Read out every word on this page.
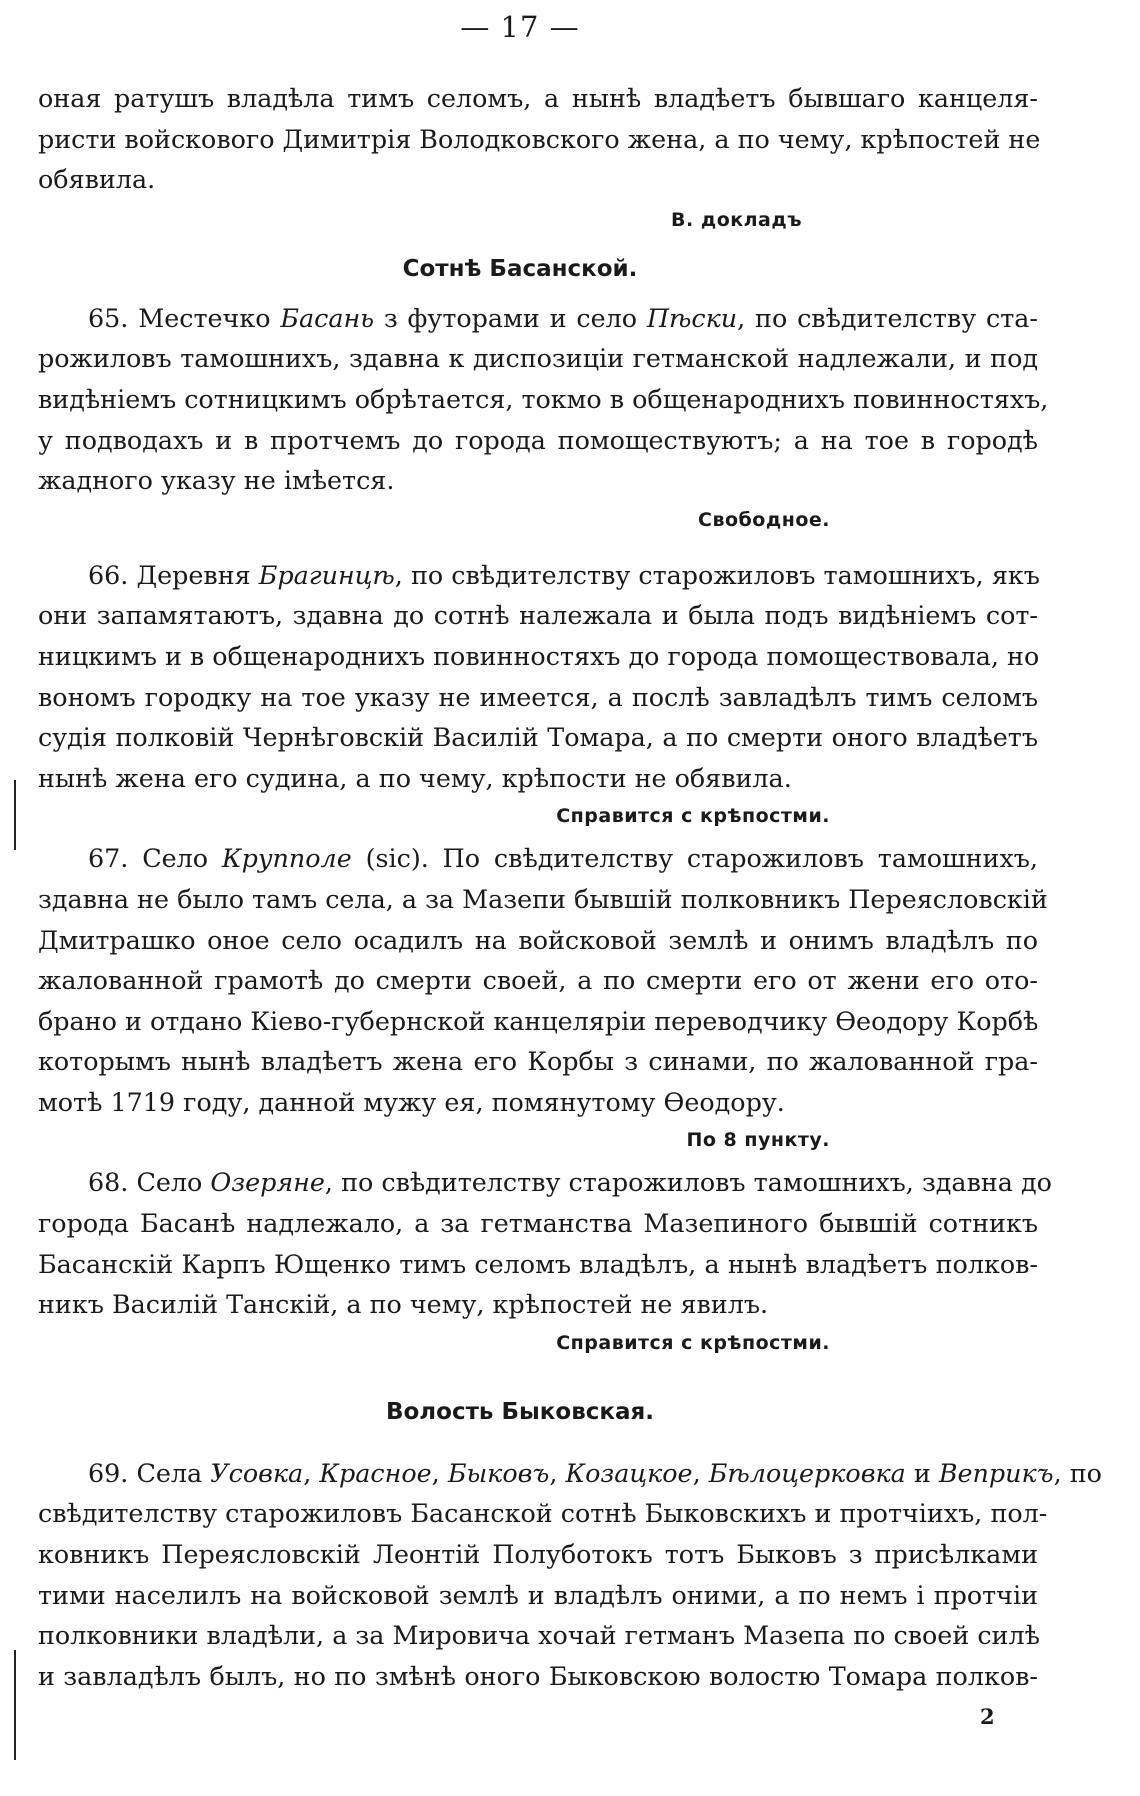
— 17 —
оная ратушъ владѣла тимъ селомъ, а нынѣ владѣетъ бывшаго канцеля-
ристи войскового Димитрія Володковского жена, а по чему, крѣпостей не
обявила.
В. докладъ
Сотнѣ Басанской.
65. Местечко Басань з футорами и село Пѣски, по свѣдителству ста-
рожиловъ тамошнихъ, здавна к диспозиціи гетманской надлежали, и под
видѣніемъ сотницкимъ обрѣтается, токмо в общенароднихъ повинностяхъ,
у подводахъ и в протчемъ до города помоществуютъ; а на тое в городѣ
жадного указу не імѣется.
Свободное.
66. Деревня Брагинцѣ, по свѣдителству старожиловъ тамошнихъ, якъ
они запамятаютъ, здавна до сотнѣ належала и была подъ видѣніемъ сот-
ницкимъ и в общенароднихъ повинностяхъ до города помоществовала, но
вономъ городку на тое указу не имеется, а послѣ завладѣлъ тимъ селомъ
судія полковій Чернѣговскій Василій Томара, а по смерти оного владѣетъ
нынѣ жена его судина, а по чему, крѣпости не обявила.
Справится с крѣпостми.
67. Село Крупполе (sic). По свѣдителству старожиловъ тамошнихъ,
здавна не было тамъ села, а за Мазепи бывшій полковникъ Переясловскій
Дмитрашко оное село осадилъ на войсковой землѣ и онимъ владѣлъ по
жалованной грамотѣ до смерти своей, а по смерти его от жени его ото-
брано и отдано Кіево-губернской канцеляріи переводчику Ѳеодору Корбѣ
которымъ нынѣ владѣетъ жена его Корбы з синами, по жалованной гра-
мотѣ 1719 году, данной мужу ея, помянутому Ѳеодору.
По 8 пункту.
68. Село Озеряне, по свѣдителству старожиловъ тамошнихъ, здавна до
города Басанѣ надлежало, а за гетманства Мазепиного бывшій сотникъ
Басанскій Карпъ Ющенко тимъ селомъ владѣлъ, а нынѣ владѣетъ полков-
никъ Василій Танскій, а по чему, крѣпостей не явилъ.
Справится с крѣпостми.
Волость Быковская.
69. Села Усовка, Красное, Быковъ, Козацкое, Бѣлоцерковка и Веприкъ, по
свѣдителству старожиловъ Басанской сотнѣ Быковскихъ и протчіихъ, пол-
ковникъ Переясловскій Леонтій Полуботокъ тотъ Быковъ з присѣлками
тими населилъ на войсковой землѣ и владѣлъ оними, а по немъ і протчіи
полковники владѣли, а за Мировича хочай гетманъ Мазепа по своей силѣ
и завладѣлъ былъ, но по змѣнѣ оного Быковскою волостю Томара полков-
2
